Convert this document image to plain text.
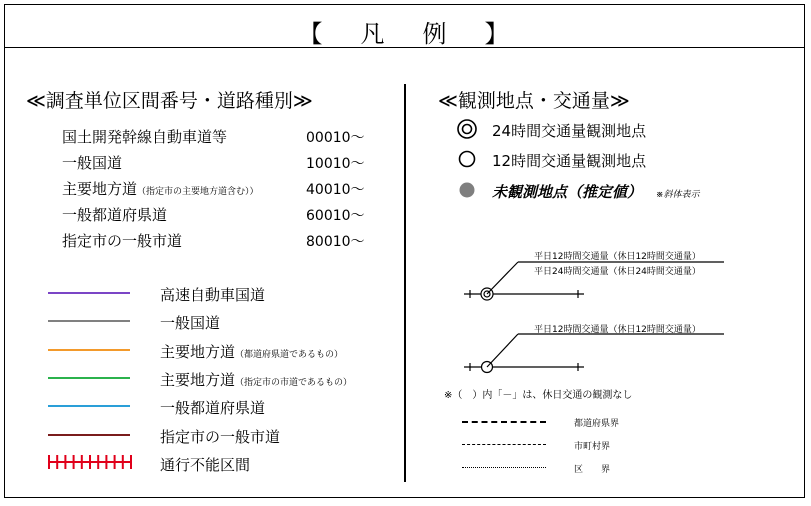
【 凡 例 】
≪調査単位区間番号・道路種別≫
国土開発幹線自動車道等	00010～
一般国道	10010～
主要地方道（指定市の主要地方道含む））	40010～
一般都道府県道	60010～
指定市の一般市道	80010～
高速自動車国道
一般国道
主要地方道（都道府県道であるもの）
主要地方道（指定市の市道であるもの）
一般都道府県道
指定市の一般市道
通行不能区間
≪観測地点・交通量≫
24時間交通量観測地点
12時間交通量観測地点
未観測地点（推定値） ※斜体表示
平日12時間交通量（休日12時間交通量）
平日24時間交通量（休日24時間交通量）
平日12時間交通量（休日12時間交通量）
※（　）内「－」は、休日交通の観測なし
都道府県界
市町村界
区　　界
